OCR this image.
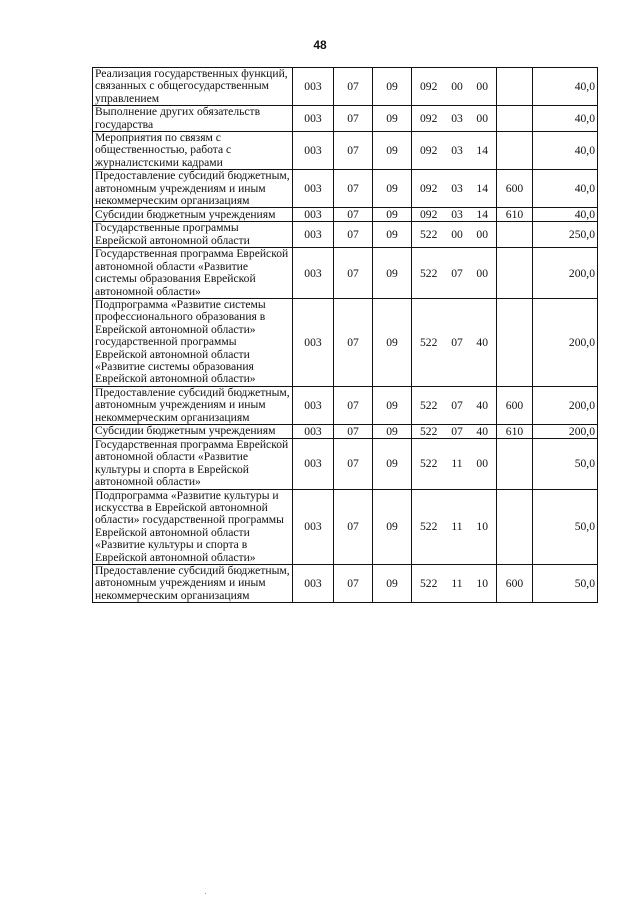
48
Реализация государственных функций, связанных с общегосударственным управлением	003	07	09	092 00 00		40,0
Выполнение других обязательств государства	003	07	09	092 03 00		40,0
Мероприятия по связям с общественностью, работа с журналистскими кадрами	003	07	09	092 03 14		40,0
Предоставление субсидий бюджетным, автономным учреждениям и иным некоммерческим организациям	003	07	09	092 03 14	600	40,0
Субсидии бюджетным учреждениям	003	07	09	092 03 14	610	40,0
Государственные программы Еврейской автономной области	003	07	09	522 00 00		250,0
Государственная программа Еврейской автономной области «Развитие системы образования Еврейской автономной области»	003	07	09	522 07 00		200,0
Подпрограмма «Развитие системы профессионального образования в Еврейской автономной области» государственной программы Еврейской автономной области «Развитие системы образования Еврейской автономной области»	003	07	09	522 07 40		200,0
Предоставление субсидий бюджетным, автономным учреждениям и иным некоммерческим организациям	003	07	09	522 07 40	600	200,0
Субсидии бюджетным учреждениям	003	07	09	522 07 40	610	200,0
Государственная программа Еврейской автономной области «Развитие культуры и спорта в Еврейской автономной области»	003	07	09	522 11 00		50,0
Подпрограмма «Развитие культуры и искусства в Еврейской автономной области» государственной программы Еврейской автономной области «Развитие культуры и спорта в Еврейской автономной области»	003	07	09	522 11 10		50,0
Предоставление субсидий бюджетным, автономным учреждениям и иным некоммерческим организациям	003	07	09	522 11 10	600	50,0
